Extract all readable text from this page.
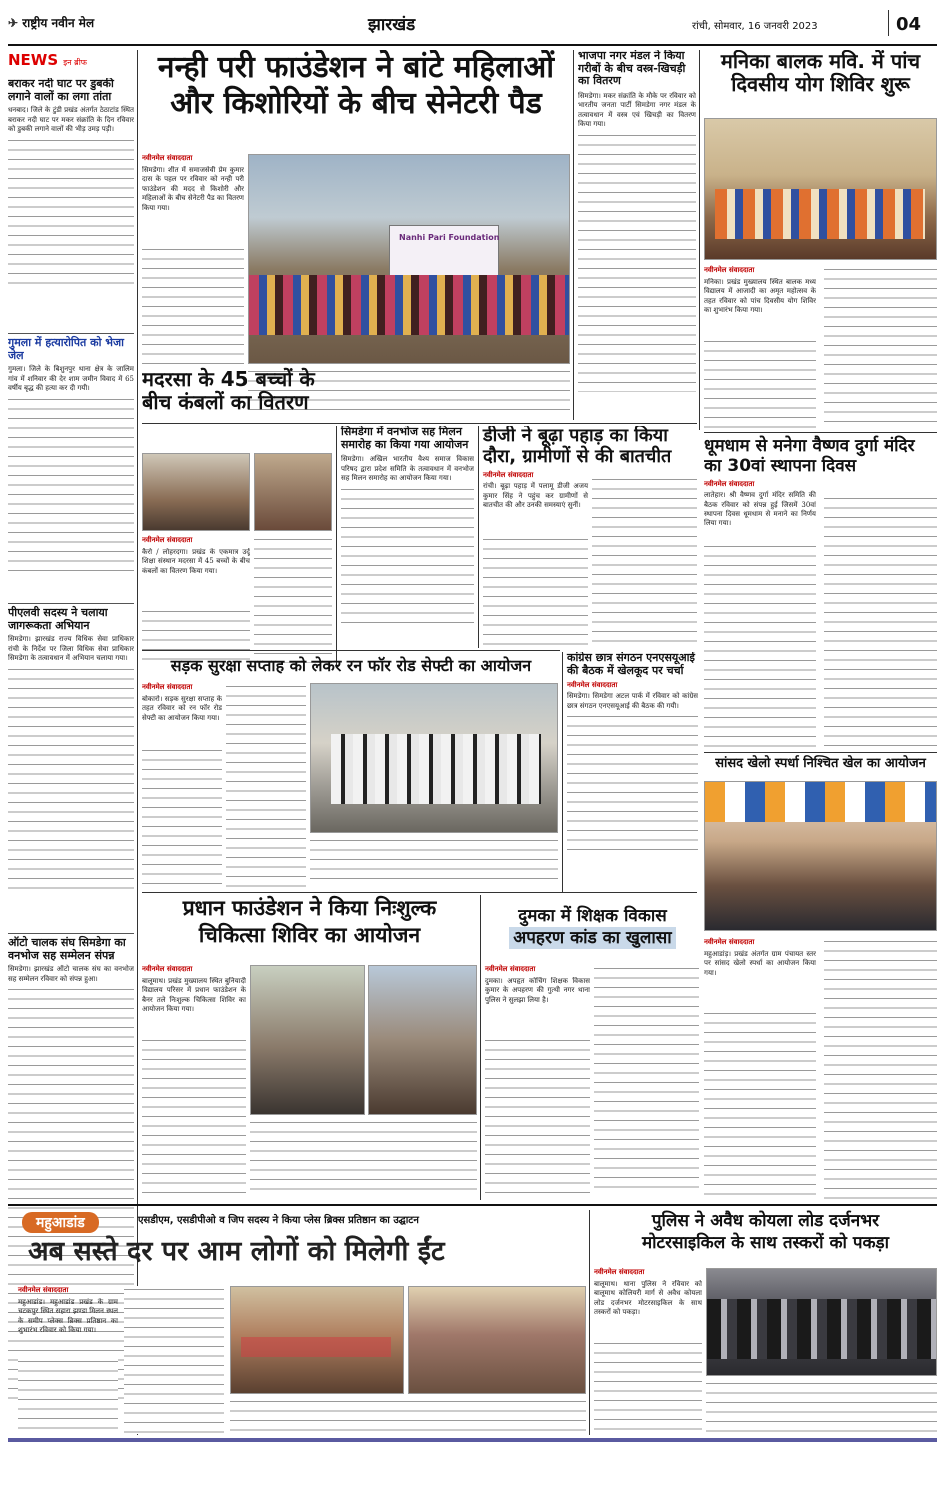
✈ राष्ट्रीय नवीन मेल	झारखंड	रांची, सोमवार, 16 जनवरी 2023	04
NEWS इन ब्रीफ
बराकर नदी घाट पर डुबकी लगाने वालों का लगा तांता
धनबाद। जिले के टुंडी प्रखंड अंतर्गत ठेठाटांड स्थित बराकर नदी घाट पर मकर संक्रांति के दिन रविवार को डुबकी लगाने वालों की भीड़ उमड़ पड़ी।
गुमला में हत्यारोपित को भेजा जेल
गुमला। जिले के बिशुनपुर थाना क्षेत्र के जालिम गांव में शनिवार की देर शाम जमीन विवाद में 65 वर्षीय बृद्ध की हत्या कर दी गयी।
पीएलवी सदस्य ने चलाया जागरूकता अभियान
सिमडेगा। झारखंड राज्य विधिक सेवा प्राधिकार रांची के निर्देश पर जिला विधिक सेवा प्राधिकार सिमडेगा के तत्वावधान में अभियान चलाया गया।
ऑटो चालक संघ सिमडेगा का वनभोज सह सम्मेलन संपन्न
सिमडेगा। झारखंड ऑटो चालक संघ का वनभोज सह सम्मेलन रविवार को संपन्न हुआ।
नन्ही परी फाउंडेशन ने बांटे महिलाओं
और किशोरियों के बीच सेनेटरी पैड
नवीनमेल संवाददाता
सिमडेगा। शीत में समाजसेवी प्रेम कुमार दास के पहल पर रविवार को नन्ही परी फाउंडेशन की मदद से किशोरी और महिलाओं के बीच सेनेटरी पैड का वितरण किया गया।
Nanhi Pari Foundation
भाजपा नगर मंडल ने किया गरीबों के बीच वस्त्र-खिचड़ी का वितरण
सिमडेगा। मकर संक्रांति के मौके पर रविवार को भारतीय जनता पार्टी सिमडेगा नगर मंडल के तत्वावधान में वस्त्र एवं खिचड़ी का वितरण किया गया।
मनिका बालक मवि. में पांच दिवसीय योग शिविर शुरू
नवीनमेल संवाददाता
मनिका। प्रखंड मुख्यालय स्थित बालक मध्य विद्यालय में आजादी का अमृत महोत्सव के तहत रविवार को पांच दिवसीय योग शिविर का शुभारंभ किया गया।
मदरसा के 45 बच्चों के बीच कंबलों का वितरण
नवीनमेल संवाददाता
कैरो / लोहरदगा। प्रखंड के एकमात्र उर्दू शिक्षा संस्थान मदरसा में 45 बच्चों के बीच कंबलों का वितरण किया गया।
सिमडेगा में वनभोज सह मिलन समारोह का किया गया आयोजन
सिमडेगा। अखिल भारतीय वैश्य समाज विकास परिषद द्वारा प्रदेश समिति के तत्वावधान में वनभोज सह मिलन समारोह का आयोजन किया गया।
डीजी ने बूढ़ा पहाड़ का किया दौरा, ग्रामीणों से की बातचीत
नवीनमेल संवाददाता
रांची। बूढ़ा पहाड़ में पलामू डीजी अजय कुमार सिंह ने पहुंच कर ग्रामीणों से बातचीत की और उनकी समस्याएं सुनीं।
धूमधाम से मनेगा वैष्णव दुर्गा मंदिर का 30वां स्थापना दिवस
नवीनमेल संवाददाता
लातेहार। श्री वैष्णव दुर्गा मंदिर समिति की बैठक रविवार को संपन्न हुई जिसमें 30वां स्थापना दिवस धूमधाम से मनाने का निर्णय लिया गया।
कांग्रेस छात्र संगठन एनएसयूआई की बैठक में खेलकूद पर चर्चा
नवीनमेल संवाददाता
सिमडेगा। सिमडेगा अटल पार्क में रविवार को कांग्रेस छात्र संगठन एनएसयूआई की बैठक की गयी।
सड़क सुरक्षा सप्ताह को लेकर रन फॉर रोड सेफ्टी का आयोजन
नवीनमेल संवाददाता
बोकारो। सड़क सुरक्षा सप्ताह के तहत रविवार को रन फॉर रोड सेफ्टी का आयोजन किया गया।
सांसद खेलो स्पर्धा निश्चित खेल का आयोजन
नवीनमेल संवाददाता
महुआडांड़। प्रखंड अंतर्गत ग्राम पंचायत स्तर पर सांसद खेलो स्पर्धा का आयोजन किया गया।
प्रधान फाउंडेशन ने किया निःशुल्क
चिकित्सा शिविर का आयोजन
नवीनमेल संवाददाता
बालूमाथ। प्रखंड मुख्यालय स्थित बुनियादी विद्यालय परिसर में प्रधान फाउंडेशन के बैनर तले निःशुल्क चिकित्सा शिविर का आयोजन किया गया।
दुमका में शिक्षक विकास
अपहरण कांड का खुलासा
नवीनमेल संवाददाता
दुमका। अपहृत कोचिंग शिक्षक विकास कुमार के अपहरण की गुत्थी नगर थाना पुलिस ने सुलझा लिया है।
महुआडांड	एसडीएम, एसडीपीओ व जिप सदस्य ने किया प्लेस ब्रिक्स प्रतिष्ठान का उद्घाटन
अब सस्ते दर पर आम लोगों को मिलेगी ईंट
नवीनमेल संवाददाता
महुआडांड। महुआडांड प्रखंड के ग्राम चटकपुर स्थित सहारा झण्डा मिलन स्थल के समीप प्लेक्स ब्रिक्स प्रतिष्ठान का शुभारंभ रविवार को किया गया।
पुलिस ने अवैध कोयला लोड दर्जनभर
मोटरसाइकिल के साथ तस्करों को पकड़ा
नवीनमेल संवाददाता
बालूमाथ। थाना पुलिस ने रविवार को बालूमाथ कोलियरी मार्ग से अवैध कोयला लोड दर्जनभर मोटरसाइकिल के साथ तस्करों को पकड़ा।
